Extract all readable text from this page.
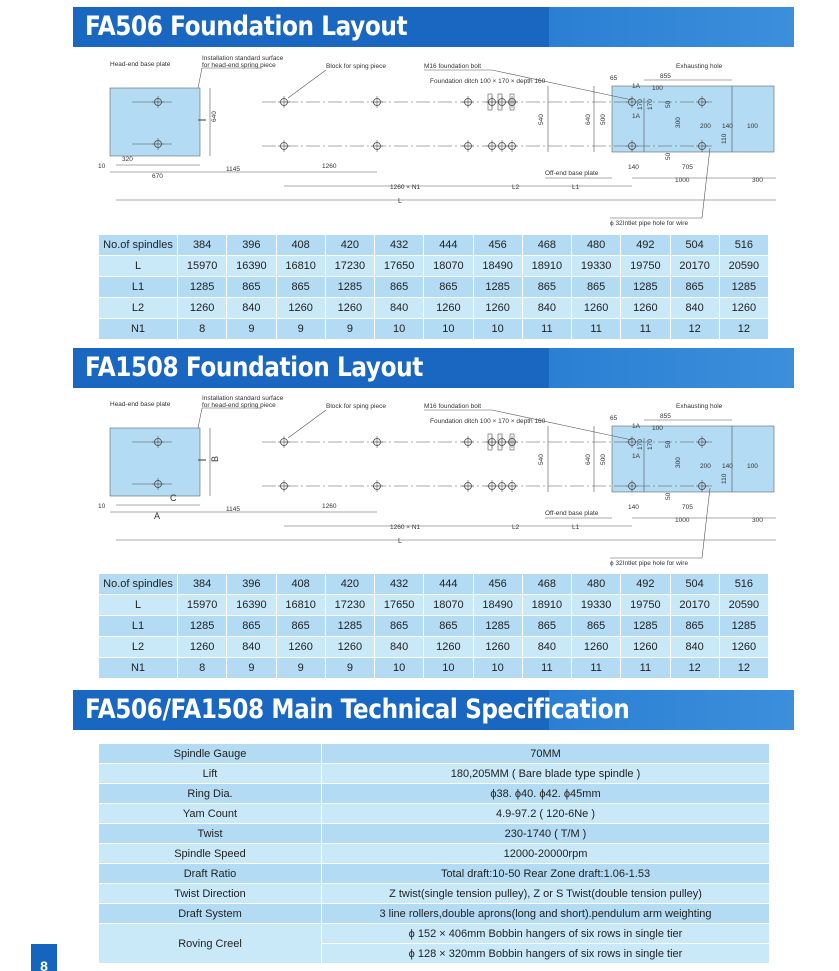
FA506 Foundation Layout
Head-end base plate
Installation standard surface
for head-end spring piece	Block for sping piece	M16 foundation bolt
Foundation ditch 100 × 170 × depth 160
Exhausting hole
640
320
670
10	1145	1260
1260 × N1	L2	L1
L
Off-end base plate
ϕ 32Intlet pipe hole for wire
540	640 500
65	855
1A
1A
100
170 170 50
300	200 140 100
110
50
140	705
1000	300
No.of spindles	384	396	408	420	432	444	456	468	480	492	504	516
L	15970	16390	16810	17230	17650	18070	18490	18910	19330	19750	20170	20590
L1	1285	865	865	1285	865	865	1285	865	865	1285	865	1285
L2	1260	840	1260	1260	840	1260	1260	840	1260	1260	840	1260
N1	8	9	9	9	10	10	10	11	11	11	12	12
FA1508 Foundation Layout
Head-end base plate
Installation standard surface
for head-end spring piece	Block for sping piece	M16 foundation bolt
Foundation ditch 100 × 170 × depth 160
Exhausting hole
B
C
A
10	1145	1260
1260 × N1	L2	L1
L
Off-end base plate
ϕ 32Intlet pipe hole for wire
540	640 500
65	855
1A
1A
100
170 170 50
300	200 140 100
110
50
140	705
1000	300
No.of spindles	384	396	408	420	432	444	456	468	480	492	504	516
L	15970	16390	16810	17230	17650	18070	18490	18910	19330	19750	20170	20590
L1	1285	865	865	1285	865	865	1285	865	865	1285	865	1285
L2	1260	840	1260	1260	840	1260	1260	840	1260	1260	840	1260
N1	8	9	9	9	10	10	10	11	11	11	12	12
FA506/FA1508 Main Technical Specification
Spindle Gauge	70MM
Lift	180,205MM ( Bare blade type spindle )
Ring Dia.	ϕ38. ϕ40. ϕ42. ϕ45mm
Yam Count	4.9-97.2 ( 120-6Ne )
Twist	230-1740 ( T/M )
Spindle Speed	12000-20000rpm
Draft Ratio	Total draft:10-50 Rear Zone draft:1.06-1.53
Twist Direction	Z twist(single tension pulley), Z or S Twist(double tension pulley)
Draft System	3 line rollers,double aprons(long and short).pendulum arm weighting
Roving Creel	ϕ 152 × 406mm Bobbin hangers of six rows in single tier
	ϕ 128 × 320mm Bobbin hangers of six rows in single tier
8
